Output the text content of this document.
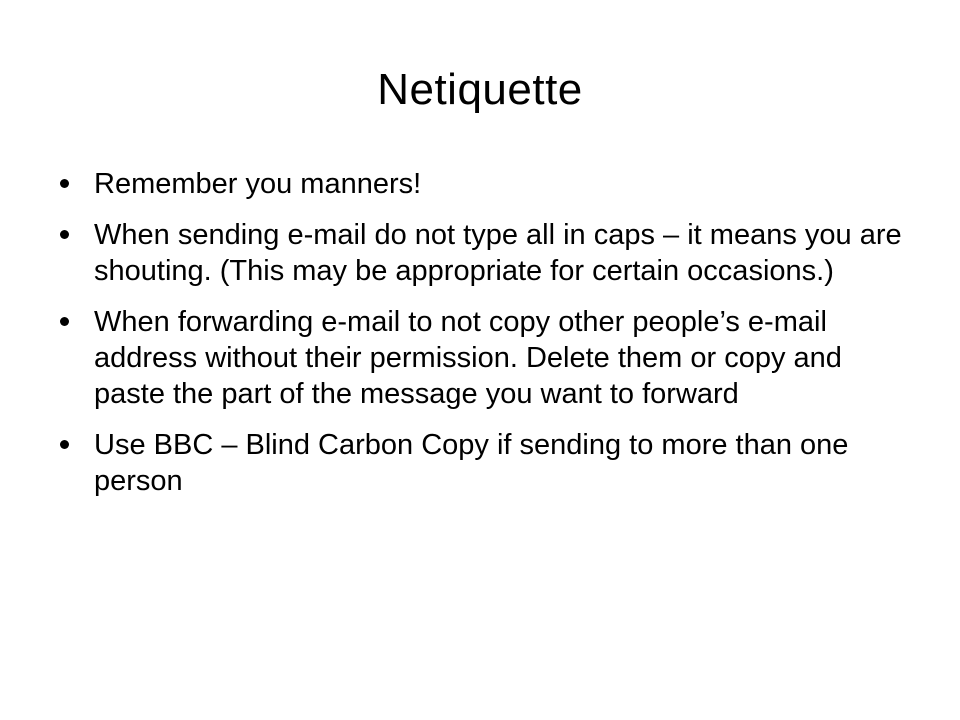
Netiquette
Remember you manners!
When sending e-mail do not type all in caps – it means you are shouting. (This may be appropriate for certain occasions.)
When forwarding e-mail to not copy other people’s e-mail address without their permission. Delete them or copy and paste the part of the message you want to forward
Use BBC – Blind Carbon Copy if sending to more than one person
